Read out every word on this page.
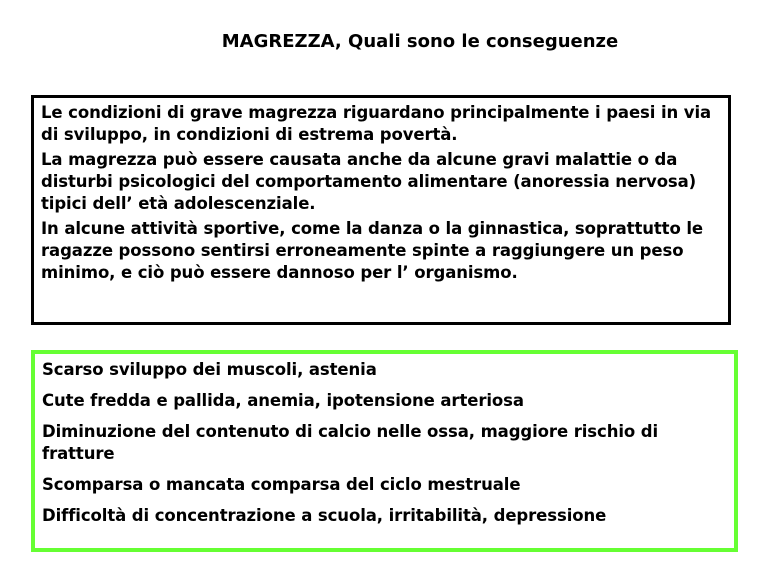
MAGREZZA, Quali sono le conseguenze

Le condizioni di grave magrezza riguardano principalmente i paesi in via di sviluppo, in condizioni di estrema povertà.

La magrezza può essere causata anche da alcune gravi malattie o da disturbi psicologici del comportamento alimentare (anoressia nervosa) tipici dell’ età adolescenziale.

In alcune attività sportive, come la danza o la ginnastica, soprattutto le ragazze possono sentirsi erroneamente spinte a raggiungere un peso minimo, e ciò può essere dannoso per l’ organismo.

Scarso sviluppo dei muscoli, astenia

Cute fredda e pallida, anemia, ipotensione arteriosa

Diminuzione del contenuto di calcio nelle ossa, maggiore rischio di fratture

Scomparsa o mancata comparsa del ciclo mestruale

Difficoltà di concentrazione a scuola, irritabilità, depressione
